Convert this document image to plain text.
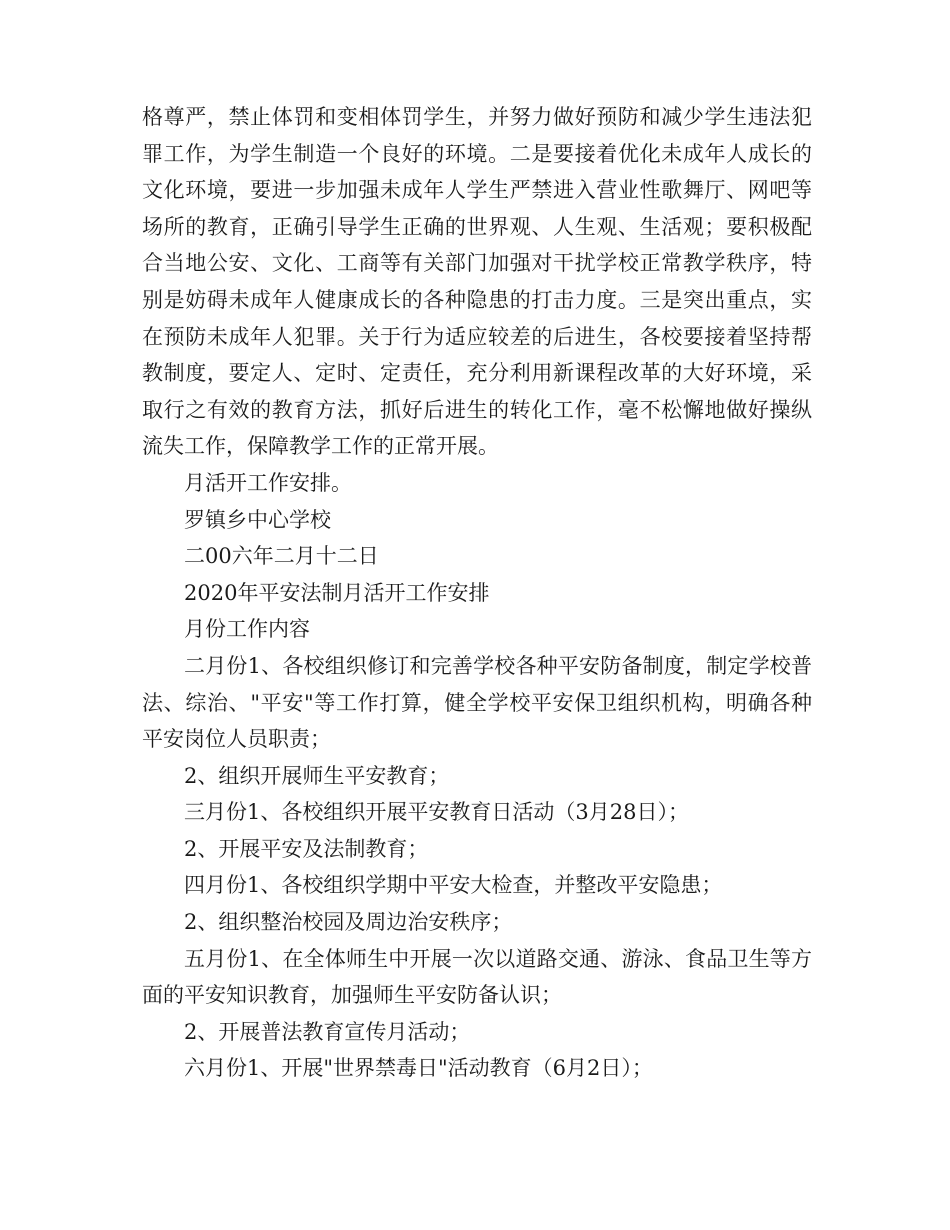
格尊严，禁止体罚和变相体罚学生，并努力做好预防和减少学生违法犯罪工作，为学生制造一个良好的环境。二是要接着优化未成年人成长的文化环境，要进一步加强未成年人学生严禁进入营业性歌舞厅、网吧等场所的教育，正确引导学生正确的世界观、人生观、生活观；要积极配合当地公安、文化、工商等有关部门加强对干扰学校正常教学秩序，特别是妨碍未成年人健康成长的各种隐患的打击力度。三是突出重点，实在预防未成年人犯罪。关于行为适应较差的后进生，各校要接着坚持帮教制度，要定人、定时、定责任，充分利用新课程改革的大好环境，采取行之有效的教育方法，抓好后进生的转化工作，毫不松懈地做好操纵流失工作，保障教学工作的正常开展。

月活开工作安排。

罗镇乡中心学校

二00六年二月十二日

2020年平安法制月活开工作安排

月份工作内容

二月份1、各校组织修订和完善学校各种平安防备制度，制定学校普法、综治、"平安"等工作打算，健全学校平安保卫组织机构，明确各种平安岗位人员职责；

2、组织开展师生平安教育；

三月份1、各校组织开展平安教育日活动（3月28日）；

2、开展平安及法制教育；

四月份1、各校组织学期中平安大检查，并整改平安隐患；

2、组织整治校园及周边治安秩序；

五月份1、在全体师生中开展一次以道路交通、游泳、食品卫生等方面的平安知识教育，加强师生平安防备认识；

2、开展普法教育宣传月活动；

六月份1、开展"世界禁毒日"活动教育（6月2日）；
